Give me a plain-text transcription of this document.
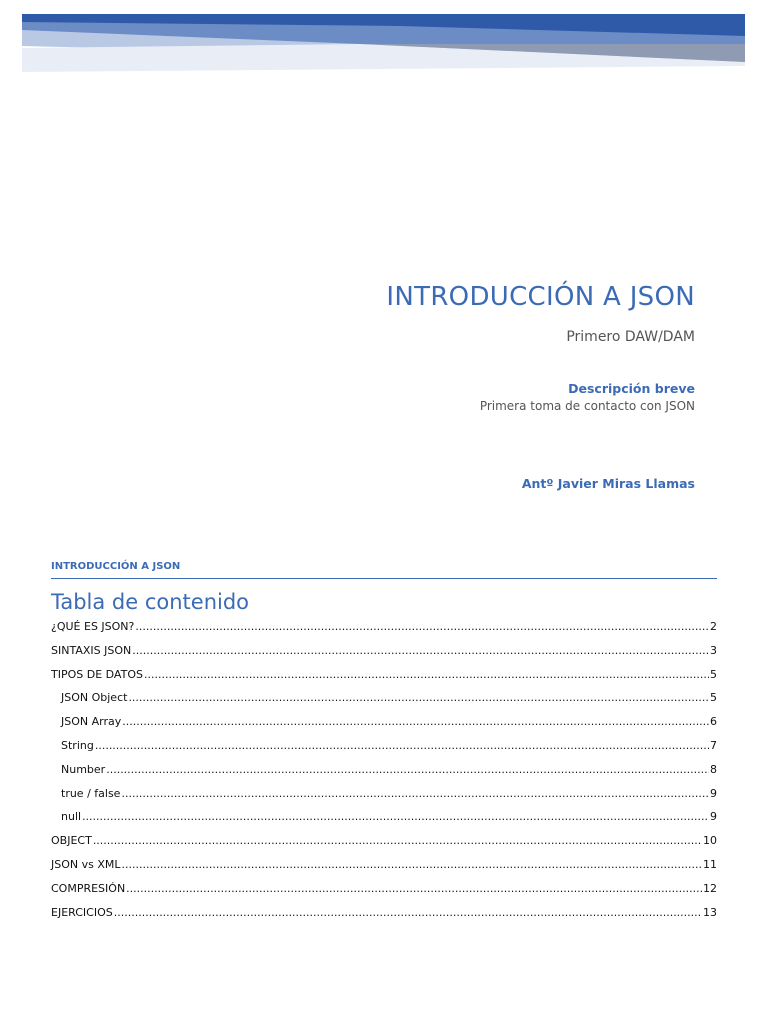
INTRODUCCIÓN A JSON
Primero DAW/DAM
Descripción breve
Primera toma de contacto con JSON
Antº Javier Miras Llamas
INTRODUCCIÓN A JSON
Tabla de contenido
¿QUÉ ES JSON? .....	2
SINTAXIS JSON .....	3
TIPOS DE DATOS .....	5
JSON Object .....	5
JSON Array .....	6
String .....	7
Number .....	8
true / false .....	9
null .....	9
OBJECT .....	10
JSON vs XML .....	11
COMPRESIÓN .....	12
EJERCICIOS .....	13
